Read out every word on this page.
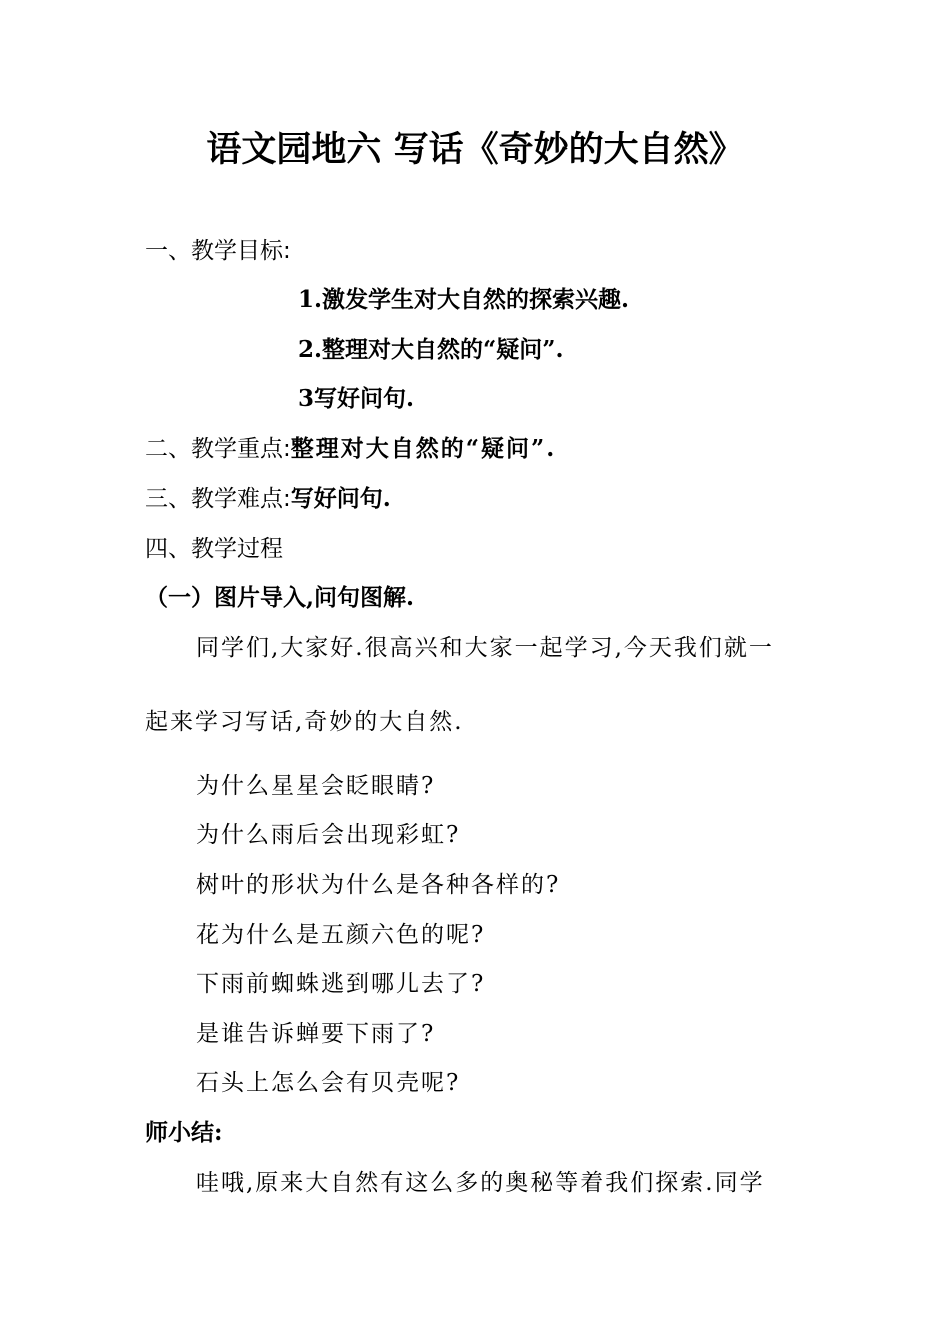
语文园地六 写话《奇妙的大自然》
一、教学目标:
1.激发学生对大自然的探索兴趣.
2.整理对大自然的“疑问”.
3写好问句.
二、教学重点:整理对大自然的“疑问”.
三、教学难点:写好问句.
四、教学过程
（一）图片导入,问句图解.
同学们,大家好.很高兴和大家一起学习,今天我们就一
起来学习写话,奇妙的大自然.
为什么星星会眨眼睛?
为什么雨后会出现彩虹?
树叶的形状为什么是各种各样的?
花为什么是五颜六色的呢?
下雨前蜘蛛逃到哪儿去了?
是谁告诉蝉要下雨了?
石头上怎么会有贝壳呢?
师小结:
哇哦,原来大自然有这么多的奥秘等着我们探索.同学
